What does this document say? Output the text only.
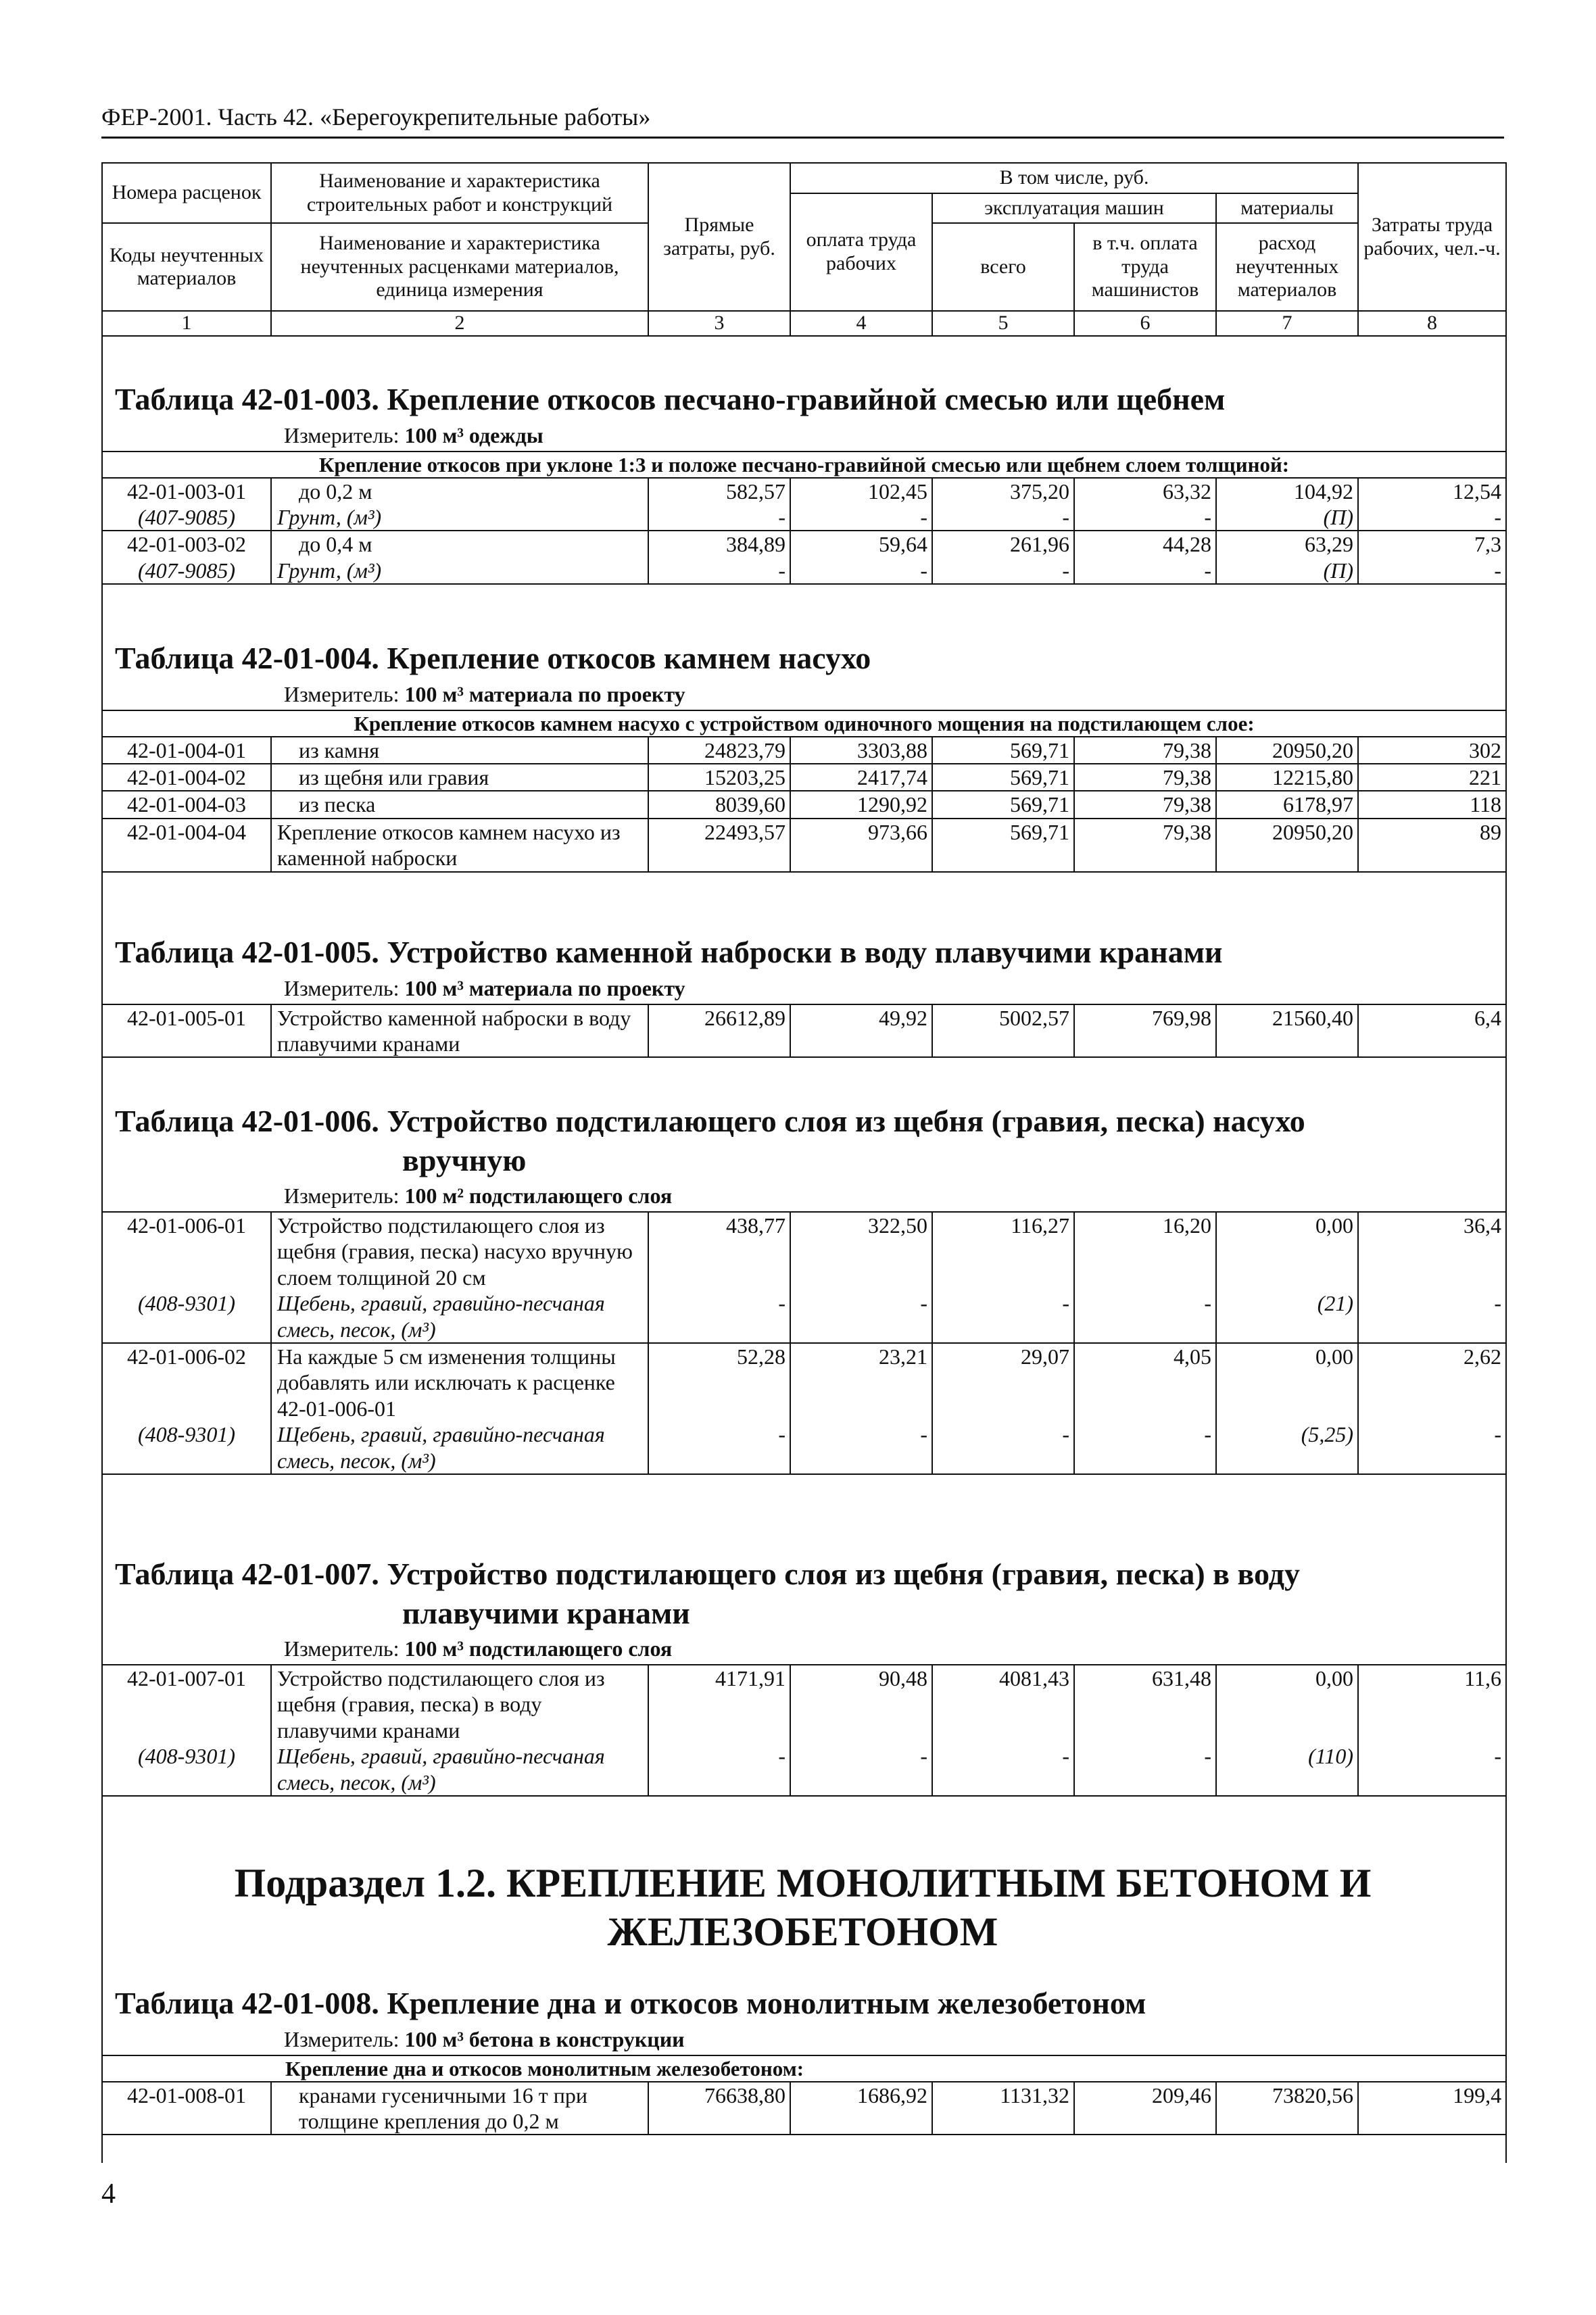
ФЕР-2001. Часть 42. «Берегоукрепительные работы»
Номера расценок	Наименование и характеристика строительных работ и конструкций	Прямые затраты, руб.	В том числе, руб.				Затраты труда рабочих, чел.-ч.
			оплата труда рабочих	эксплуатация машин		материалы	
Коды неучтенных материалов	Наименование и характеристика неучтенных расценками материалов, единица измерения			всего	в т.ч. оплата труда машинистов	расход неучтенных материалов	

1	2	3	4	5	6	7	8
Таблица 42-01-003. Крепление откосов песчано-гравийной смесью или щебнем
Измеритель: 100 м³ одежды
Крепление откосов при уклоне 1:3 и положе песчано-гравийной смесью или щебнем слоем толщиной:							
42-01-003-01	до 0,2 м	582,57	102,45	375,20	63,32	104,92	12,54
(407-9085)	Грунт, (м³)	-	-	-	-	(П)	-
42-01-003-02	до 0,4 м	384,89	59,64	261,96	44,28	63,29	7,3
(407-9085)	Грунт, (м³)	-	-	-	-	(П)	-
Таблица 42-01-004. Крепление откосов камнем насухо
Измеритель: 100 м³ материала по проекту
Крепление откосов камнем насухо с устройством одиночного мощения на подстилающем слое:							
42-01-004-01	из камня	24823,79	3303,88	569,71	79,38	20950,20	302
42-01-004-02	из щебня или гравия	15203,25	2417,74	569,71	79,38	12215,80	221
42-01-004-03	из песка	8039,60	1290,92	569,71	79,38	6178,97	118
42-01-004-04	Крепление откосов камнем насухо из каменной наброски	22493,57	973,66	569,71	79,38	20950,20	89
Таблица 42-01-005. Устройство каменной наброски в воду плавучими кранами
Измеритель: 100 м³ материала по проекту
42-01-005-01	Устройство каменной наброски в воду плавучими кранами	26612,89	49,92	5002,57	769,98	21560,40	6,4
Таблица 42-01-006. Устройство подстилающего слоя из щебня (гравия, песка) насухо
вручную
Измеритель: 100 м² подстилающего слоя
42-01-006-01	Устройство подстилающего слоя из щебня (гравия, песка) насухо вручную слоем толщиной 20 см	438,77	322,50	116,27	16,20	0,00	36,4
(408-9301)	Щебень, гравий, гравийно-песчаная смесь, песок, (м³)	-	-	-	-	(21)	-
42-01-006-02	На каждые 5 см изменения толщины добавлять или исключать к расценке 42-01-006-01	52,28	23,21	29,07	4,05	0,00	2,62
(408-9301)	Щебень, гравий, гравийно-песчаная смесь, песок, (м³)	-	-	-	-	(5,25)	-
Таблица 42-01-007. Устройство подстилающего слоя из щебня (гравия, песка) в воду
плавучими кранами
Измеритель: 100 м³ подстилающего слоя
42-01-007-01	Устройство подстилающего слоя из щебня (гравия, песка) в воду плавучими кранами	4171,91	90,48	4081,43	631,48	0,00	11,6
(408-9301)	Щебень, гравий, гравийно-песчаная смесь, песок, (м³)	-	-	-	-	(110)	-
Подраздел 1.2. КРЕПЛЕНИЕ МОНОЛИТНЫМ БЕТОНОМ И
ЖЕЛЕЗОБЕТОНОМ
Таблица 42-01-008. Крепление дна и откосов монолитным железобетоном
Измеритель: 100 м³ бетона в конструкции
Крепление дна и откосов монолитным железобетоном:
42-01-008-01	кранами гусеничными 16 т при толщине крепления до 0,2 м	76638,80	1686,92	1131,32	209,46	73820,56	199,4
4
